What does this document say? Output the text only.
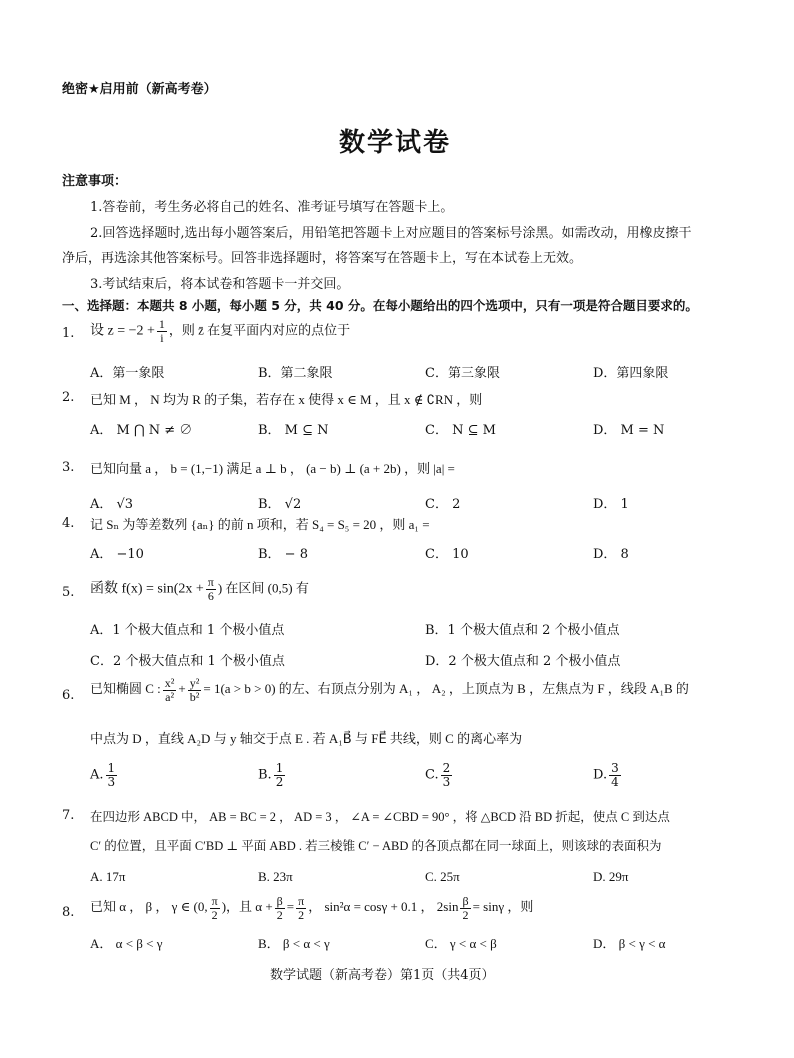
绝密★启用前（新高考卷）
数学试卷
注意事项：
1.答卷前，考生务必将自己的姓名、准考证号填写在答题卡上。
2.回答选择题时,选出每小题答案后，用铅笔把答题卡上对应题目的答案标号涂黑。如需改动，用橡皮擦干
净后，再选涂其他答案标号。回答非选择题时，将答案写在答题卡上，写在本试卷上无效。
3.考试结束后，将本试卷和答题卡一并交回。
一、选择题：本题共 8 小题，每小题 5 分，共 40 分。在每小题给出的四个选项中，只有一项是符合题目要求的。
1. 设 $z = -2 + \frac{1}{i}$ ，则 z̄ 在复平面内对应的点位于
A．第一象限	B．第二象限	C．第三象限	D．第四象限
2. 已知 M ， N 均为 R 的子集，若存在 x 使得 x ∈ M ，且 x ∉ ∁RN ，则
A． M ⋂ N ≠ ∅	B． M ⊆ N	C． N ⊆ M	D． M = N
3. 已知向量 a ， b = (1,−1) 满足 a ⊥ b ， (a − b) ⊥ (a + 2b) ，则 |a| =
A． √3	B． √2	C． 2	D． 1
4. 记 Sₙ 为等差数列 {aₙ} 的前 n 项和，若 S₄ = S₅ = 20 ，则 a₁ =
A． −10	B． − 8	C． 10	D． 8
5. 函数 $f(x) = \sin(2x + \frac{\pi}{6}$ ) 在区间 (0,5) 有
A．1 个极大值点和 1 个极小值点	B．1 个极大值点和 2 个极小值点
C．2 个极大值点和 1 个极小值点	D．2 个极大值点和 2 个极小值点
6. 已知椭圆 C : $\frac{\text{x²}}{\text{a²}} + \frac{\text{y²}}{\text{b²}} = 1(a > b > 0)$ 的左、右顶点分别为 A₁ ， A₂ ，上顶点为 B ，左焦点为 F ，线段 A₁B 的
中点为 D ，直线 A₂D 与 y 轴交于点 E . 若 A₁B⃗ 与 FE⃗ 共线，则 C 的离心率为
A. $\frac{1}{3}$	B. $\frac{1}{2}$	C. $\frac{2}{3}$	D. $\frac{3}{4}$
7. 在四边形 ABCD 中， AB = BC = 2 ， AD = 3 ， ∠A = ∠CBD = 90° ，将 △BCD 沿 BD 折起，使点 C 到达点
C′ 的位置，且平面 C′BD ⊥ 平面 ABD . 若三棱锥 C′ − ABD 的各顶点都在同一球面上，则该球的表面积为
A. 17π	B. 23π	C. 25π	D. 29π
8. 已知 α ， β ， γ ∈ (0, $\frac{\pi}{2}$ )，且 $\alpha + \frac{\beta}{2} = \frac{\pi}{2}$ ， sin²α = cosγ + 0.1 ， $2\sin \frac{\beta}{2} = \sin\gamma$ ，则
A． α < β < γ	B． β < α < γ	C． γ < α < β	D． β < γ < α
数学试题（新高考卷）第1页（共4页）
